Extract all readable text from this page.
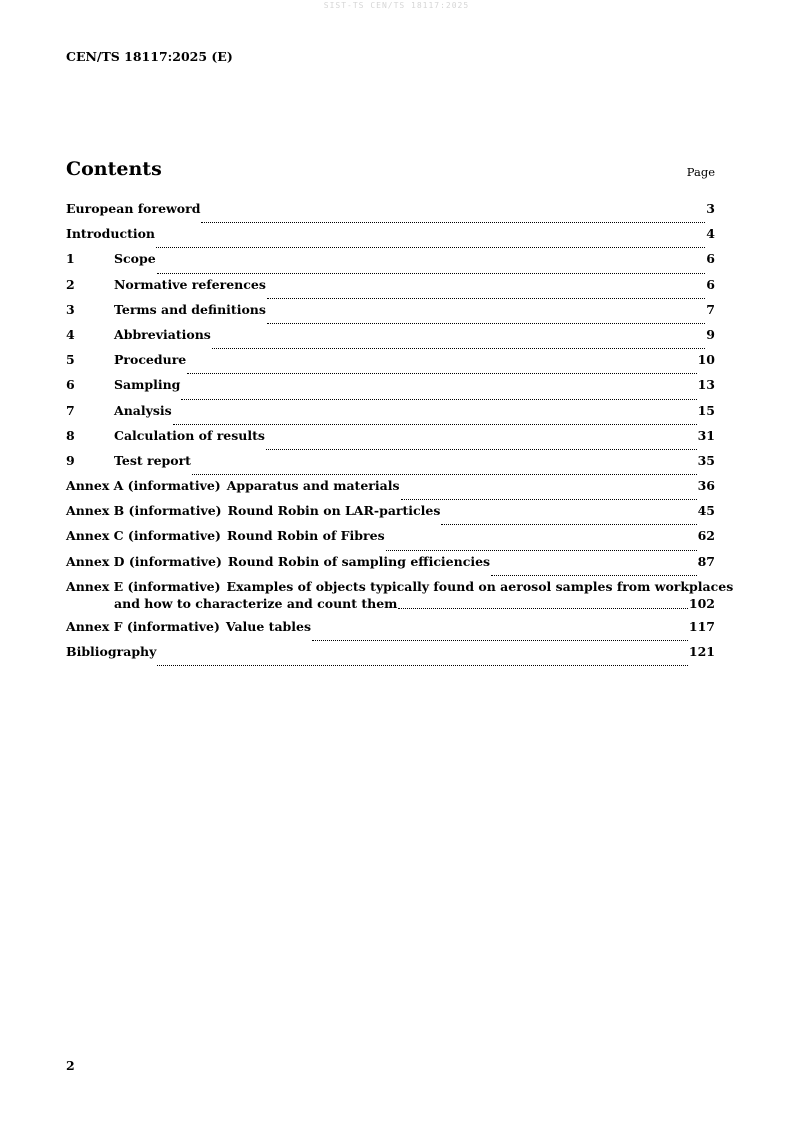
SIST-TS CEN/TS 18117:2025
CEN/TS 18117:2025 (E)
Contents	Page
European foreword	3
Introduction	4
1	Scope	6
2	Normative references	6
3	Terms and definitions	7
4	Abbreviations	9
5	Procedure	10
6	Sampling	13
7	Analysis	15
8	Calculation of results	31
9	Test report	35
Annex A (informative) Apparatus and materials	36
Annex B (informative) Round Robin on LAR-particles	45
Annex C (informative) Round Robin of Fibres	62
Annex D (informative) Round Robin of sampling efficiencies	87
Annex E (informative) Examples of objects typically found on aerosol samples from workplaces
and how to characterize and count them	102
Annex F (informative) Value tables	117
Bibliography	121
2
